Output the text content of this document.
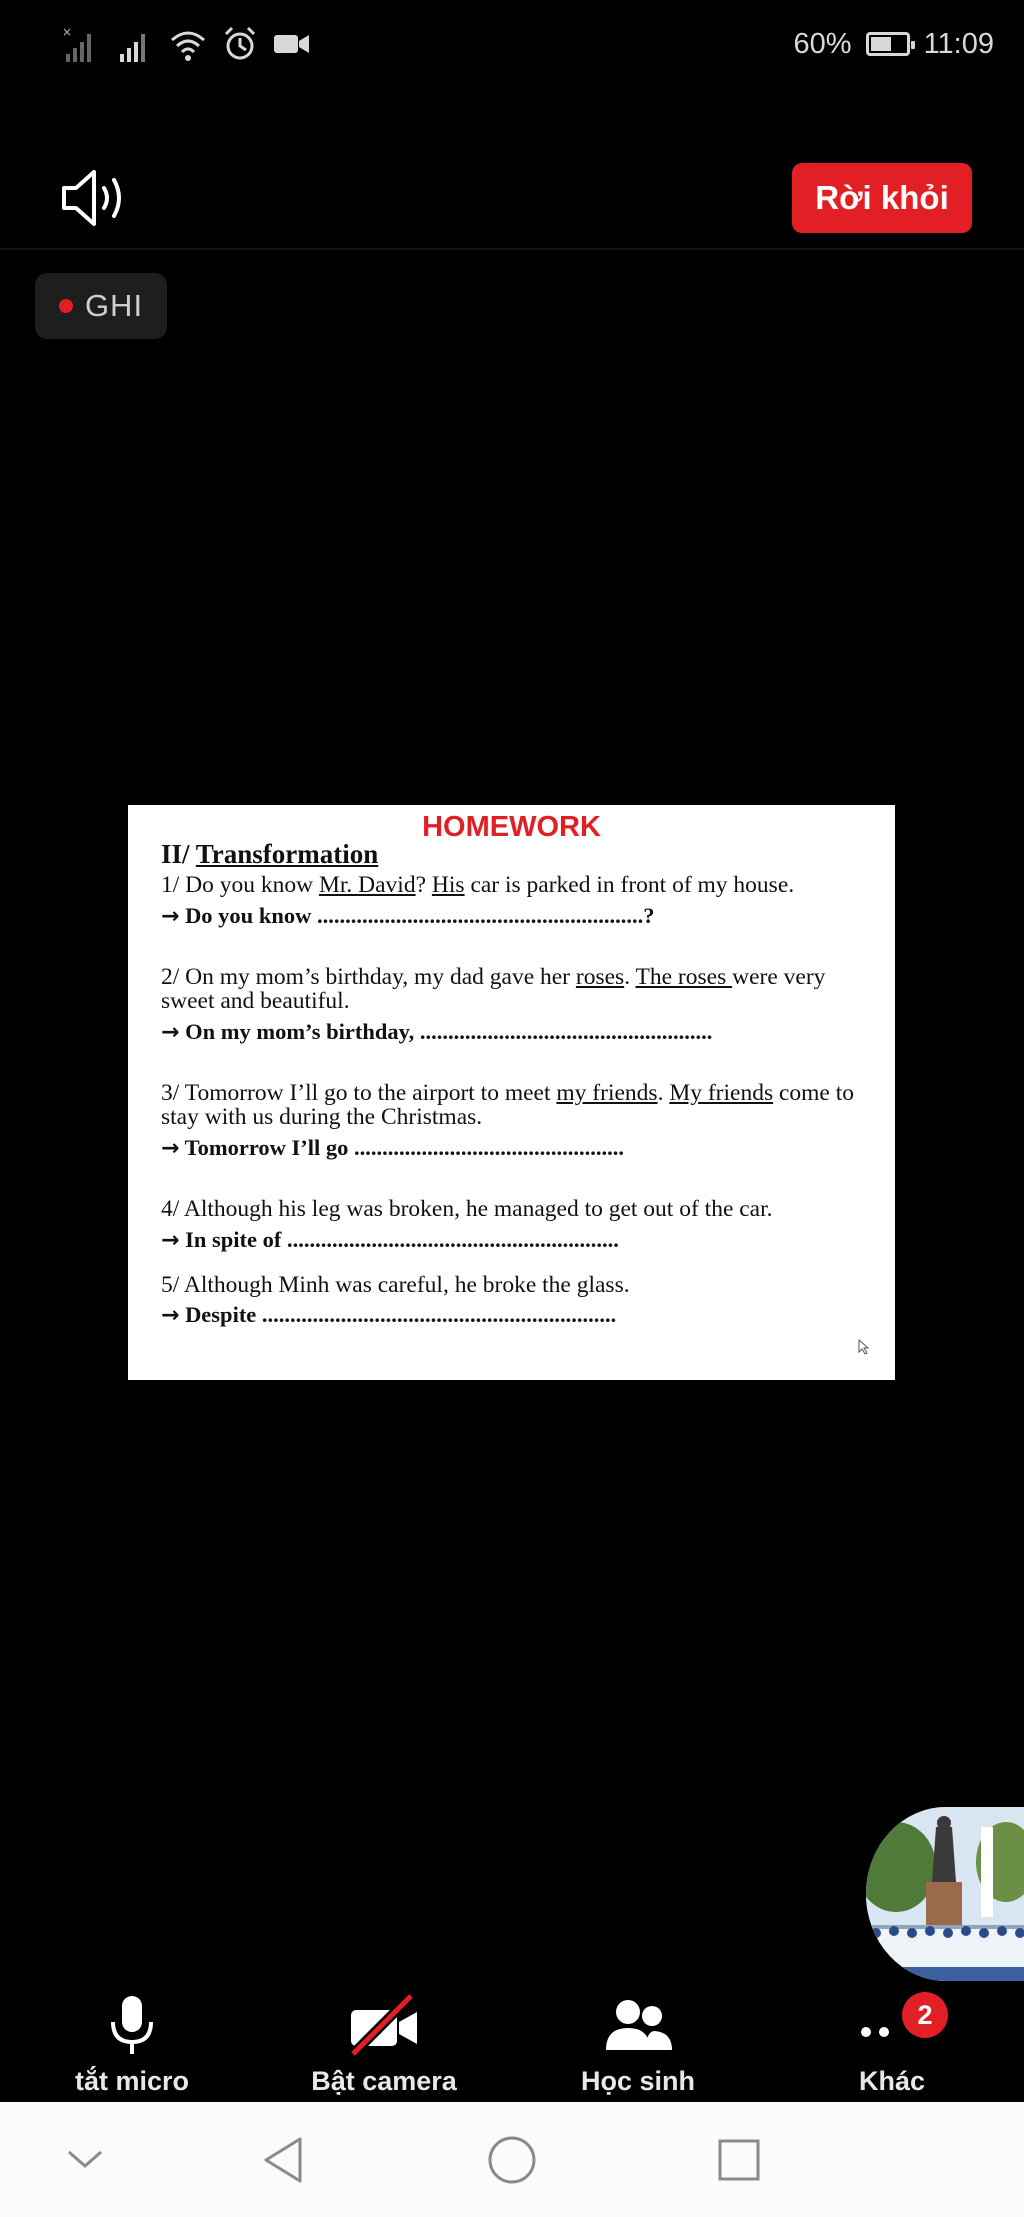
×	60% 11:09
Rời khỏi
GHI
HOMEWORK
II/ Transformation
1/ Do you know Mr. David? His car is parked in front of my house.
→ Do you know ..........................................................?
2/ On my mom’s birthday, my dad gave her roses. The roses were very sweet and beautiful.
→ On my mom’s birthday, ....................................................
3/ Tomorrow I’ll go to the airport to meet my friends. My friends come to stay with us during the Christmas.
→ Tomorrow I’ll go ................................................
4/ Although his leg was broken, he managed to get out of the car.
→ In spite of ...........................................................
5/ Although Minh was careful, he broke the glass.
→ Despite ...............................................................
tắt micro	Bật camera	Học sinh
2
Khác
